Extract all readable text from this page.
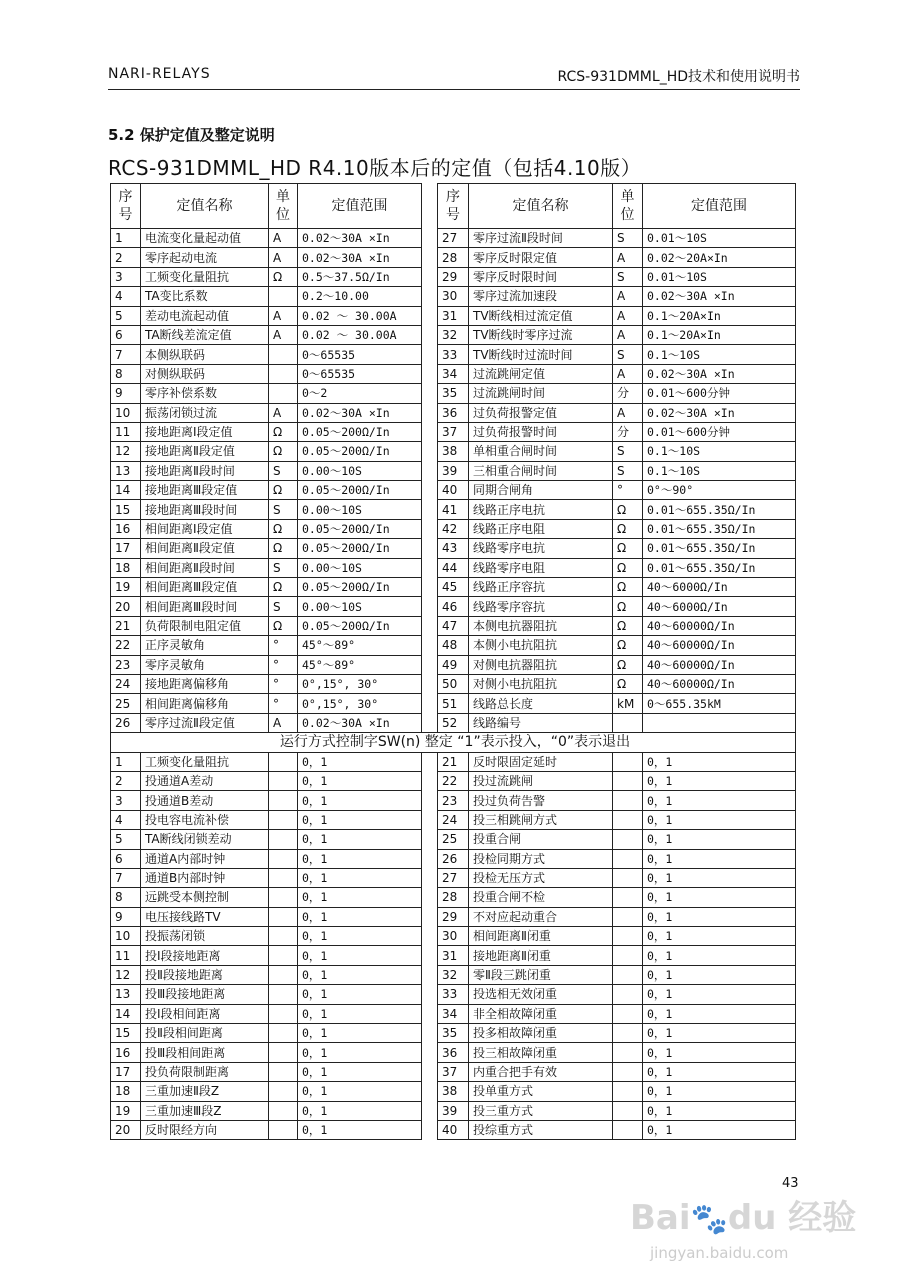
NARI-RELAYS	RCS-931DMML_HD技术和使用说明书
5.2 保护定值及整定说明
RCS-931DMML_HD R4.10版本后的定值（包括4.10版）
序号	定值名称	单位	定值范围		序号	定值名称	单位	定值范围
1	电流变化量起动值	A	0.02～30A ×In		27	零序过流Ⅱ段时间	S	0.01～10S
2	零序起动电流	A	0.02～30A ×In		28	零序反时限定值	A	0.02～20A×In
3	工频变化量阻抗	Ω	0.5～37.5Ω/In		29	零序反时限时间	S	0.01～10S
4	TA变比系数		0.2～10.00		30	零序过流加速段	A	0.02～30A ×In
5	差动电流起动值	A	0.02 ～ 30.00A		31	TV断线相过流定值	A	0.1～20A×In
6	TA断线差流定值	A	0.02 ～ 30.00A		32	TV断线时零序过流	A	0.1～20A×In
7	本侧纵联码		0～65535		33	TV断线时过流时间	S	0.1～10S
8	对侧纵联码		0～65535		34	过流跳闸定值	A	0.02～30A ×In
9	零序补偿系数		0～2		35	过流跳闸时间	分	0.01～600分钟
10	振荡闭锁过流	A	0.02～30A ×In		36	过负荷报警定值	A	0.02～30A ×In
11	接地距离Ⅰ段定值	Ω	0.05～200Ω/In		37	过负荷报警时间	分	0.01～600分钟
12	接地距离Ⅱ段定值	Ω	0.05～200Ω/In		38	单相重合闸时间	S	0.1～10S
13	接地距离Ⅱ段时间	S	0.00～10S		39	三相重合闸时间	S	0.1～10S
14	接地距离Ⅲ段定值	Ω	0.05～200Ω/In		40	同期合闸角	°	0°～90°
15	接地距离Ⅲ段时间	S	0.00～10S		41	线路正序电抗	Ω	0.01～655.35Ω/In
16	相间距离Ⅰ段定值	Ω	0.05～200Ω/In		42	线路正序电阻	Ω	0.01～655.35Ω/In
17	相间距离Ⅱ段定值	Ω	0.05～200Ω/In		43	线路零序电抗	Ω	0.01～655.35Ω/In
18	相间距离Ⅱ段时间	S	0.00～10S		44	线路零序电阻	Ω	0.01～655.35Ω/In
19	相间距离Ⅲ段定值	Ω	0.05～200Ω/In		45	线路正序容抗	Ω	40～6000Ω/In
20	相间距离Ⅲ段时间	S	0.00～10S		46	线路零序容抗	Ω	40～6000Ω/In
21	负荷限制电阻定值	Ω	0.05～200Ω/In		47	本侧电抗器阻抗	Ω	40～60000Ω/In
22	正序灵敏角	°	45°～89°		48	本侧小电抗阻抗	Ω	40～60000Ω/In
23	零序灵敏角	°	45°～89°		49	对侧电抗器阻抗	Ω	40～60000Ω/In
24	接地距离偏移角	°	0°,15°, 30°		50	对侧小电抗阻抗	Ω	40～60000Ω/In
25	相间距离偏移角	°	0°,15°, 30°		51	线路总长度	kM	0～655.35kM
26	零序过流Ⅱ段定值	A	0.02～30A ×In		52	线路编号		
运行方式控制字SW(n) 整定 “1”表示投入，“0”表示退出								
1	工频变化量阻抗		0，1		21	反时限固定延时		0，1
2	投通道A差动		0，1		22	投过流跳闸		0，1
3	投通道B差动		0，1		23	投过负荷告警		0，1
4	投电容电流补偿		0，1		24	投三相跳闸方式		0，1
5	TA断线闭锁差动		0，1		25	投重合闸		0，1
6	通道A内部时钟		0，1		26	投检同期方式		0，1
7	通道B内部时钟		0，1		27	投检无压方式		0，1
8	远跳受本侧控制		0，1		28	投重合闸不检		0，1
9	电压接线路TV		0，1		29	不对应起动重合		0，1
10	投振荡闭锁		0，1		30	相间距离Ⅱ闭重		0，1
11	投Ⅰ段接地距离		0，1		31	接地距离Ⅱ闭重		0，1
12	投Ⅱ段接地距离		0，1		32	零Ⅱ段三跳闭重		0，1
13	投Ⅲ段接地距离		0，1		33	投选相无效闭重		0，1
14	投Ⅰ段相间距离		0，1		34	非全相故障闭重		0，1
15	投Ⅱ段相间距离		0，1		35	投多相故障闭重		0，1
16	投Ⅲ段相间距离		0，1		36	投三相故障闭重		0，1
17	投负荷限制距离		0，1		37	内重合把手有效		0，1
18	三重加速Ⅱ段Z		0，1		38	投单重方式		0，1
19	三重加速Ⅲ段Z		0，1		39	投三重方式		0，1
20	反时限经方向		0，1		40	投综重方式		0，1
43
Bai🐾du 经验
jingyan.baidu.com
